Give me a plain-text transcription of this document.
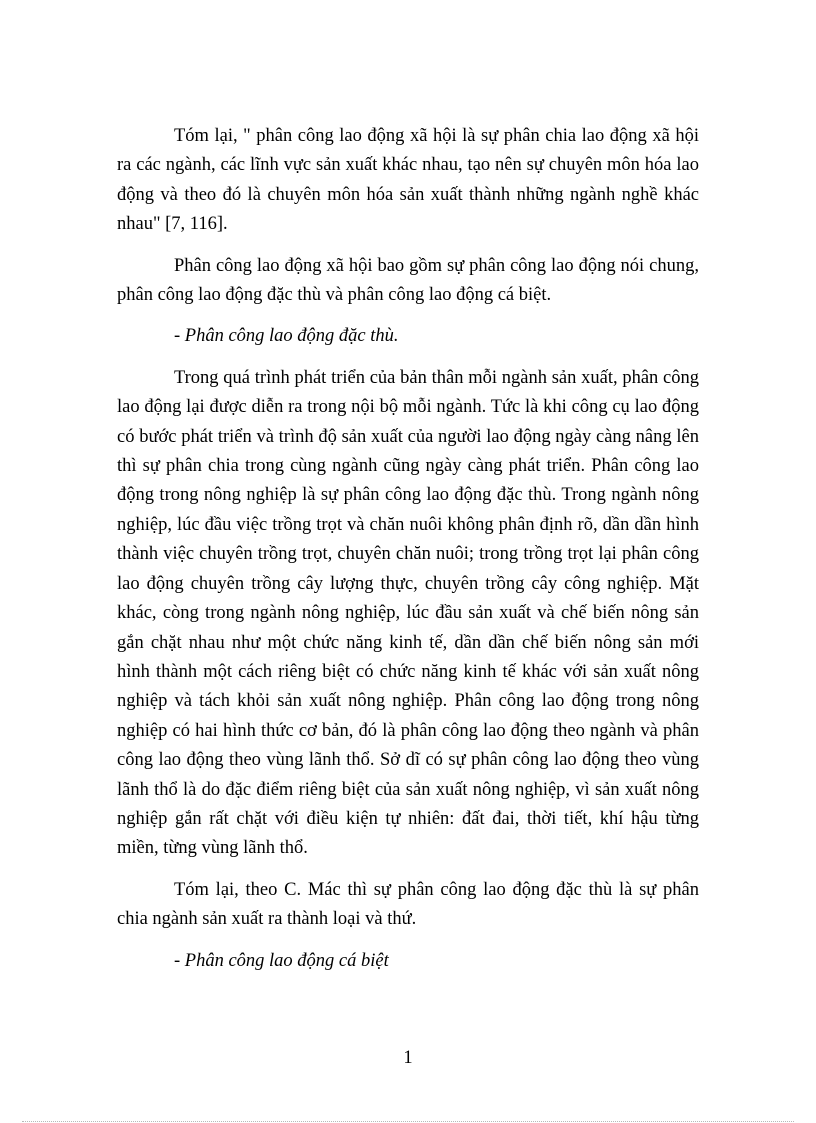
Tóm lại, " phân công lao động xã hội là sự phân chia lao động xã hội ra các ngành, các lĩnh vực sản xuất khác nhau, tạo nên sự chuyên môn hóa lao động và theo đó là chuyên môn hóa sản xuất thành những ngành nghề khác nhau" [7, 116].

Phân công lao động xã hội bao gồm sự phân công lao động nói chung, phân công lao động đặc thù và phân công lao động cá biệt.

- Phân công lao động đặc thù.

Trong quá trình phát triển của bản thân mỗi ngành sản xuất, phân công lao động lại được diễn ra trong nội bộ mỗi ngành. Tức là khi công cụ lao động có bước phát triển và trình độ sản xuất của người lao động ngày càng nâng lên thì sự phân chia trong cùng ngành cũng ngày càng phát triển. Phân công lao động trong nông nghiệp là sự phân công lao động đặc thù. Trong ngành nông nghiệp, lúc đầu việc trồng trọt và chăn nuôi không phân định rõ, dần dần hình thành việc chuyên trồng trọt, chuyên chăn nuôi; trong trồng trọt lại phân công lao động chuyên trồng cây lượng thực, chuyên trồng cây công nghiệp. Mặt khác, còng trong ngành nông nghiệp, lúc đầu sản xuất và chế biến nông sản gắn chặt nhau như một chức năng kinh tế, dần dần chế biến nông sản mới hình thành một cách riêng biệt có chức năng kinh tế khác với sản xuất nông nghiệp và tách khỏi sản xuất nông nghiệp. Phân công lao động trong nông nghiệp có hai hình thức cơ bản, đó là phân công lao động theo ngành và phân công lao động theo vùng lãnh thổ. Sở dĩ có sự phân công lao động theo vùng lãnh thổ là do đặc điểm riêng biệt của sản xuất nông nghiệp, vì sản xuất nông nghiệp gắn rất chặt với điều kiện tự nhiên: đất đai, thời tiết, khí hậu từng miền, từng vùng lãnh thổ.

Tóm lại, theo C. Mác thì sự phân công lao động đặc thù là sự phân chia ngành sản xuất ra thành loại và thứ.

- Phân công lao động cá biệt

1
